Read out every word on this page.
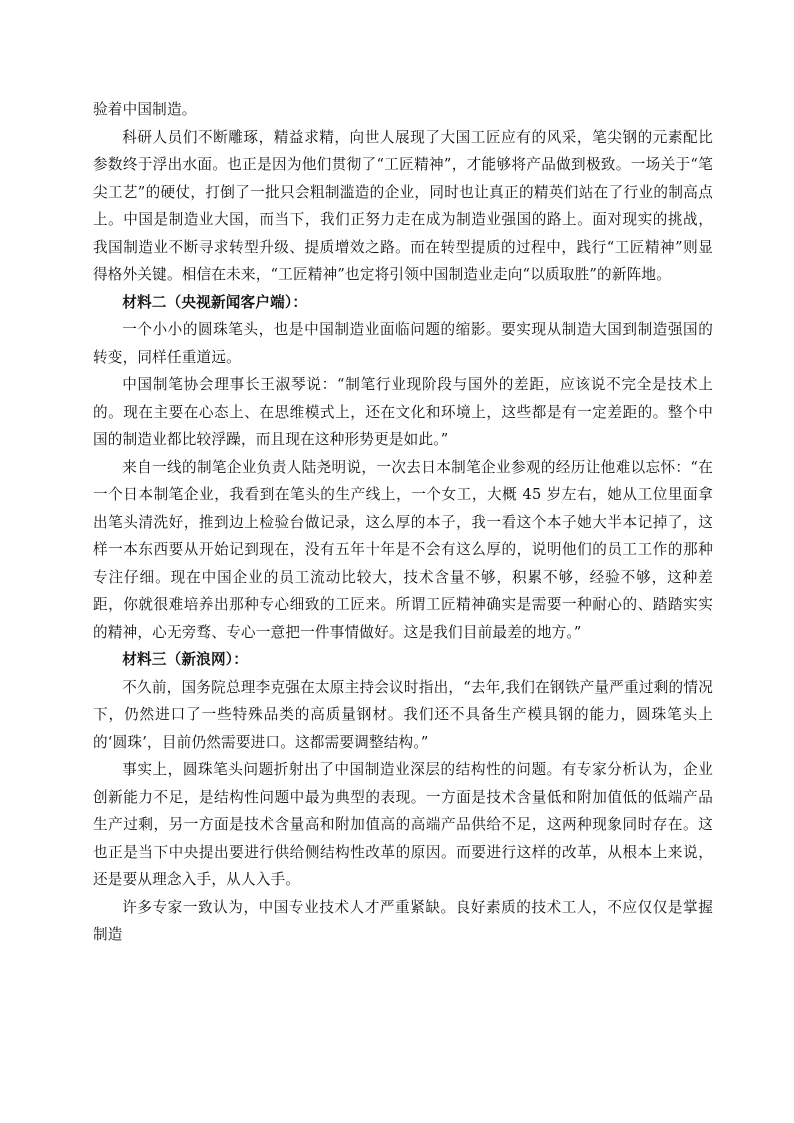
验着中国制造。

科研人员们不断雕琢，精益求精，向世人展现了大国工匠应有的风采，笔尖钢的元素配比参数终于浮出水面。也正是因为他们贯彻了“工匠精神”，才能够将产品做到极致。一场关于“笔尖工艺”的硬仗，打倒了一批只会粗制滥造的企业，同时也让真正的精英们站在了行业的制高点上。中国是制造业大国，而当下，我们正努力走在成为制造业强国的路上。面对现实的挑战，我国制造业不断寻求转型升级、提质增效之路。而在转型提质的过程中，践行“工匠精神”则显得格外关键。相信在未来，“工匠精神”也定将引领中国制造业走向“以质取胜”的新阵地。

材料二（央视新闻客户端）：

一个小小的圆珠笔头，也是中国制造业面临问题的缩影。要实现从制造大国到制造强国的转变，同样任重道远。

中国制笔协会理事长王淑琴说：“制笔行业现阶段与国外的差距，应该说不完全是技术上的。现在主要在心态上、在思维模式上，还在文化和环境上，这些都是有一定差距的。整个中国的制造业都比较浮躁，而且现在这种形势更是如此。”

来自一线的制笔企业负责人陆尧明说，一次去日本制笔企业参观的经历让他难以忘怀：“在一个日本制笔企业，我看到在笔头的生产线上，一个女工，大概 45 岁左右，她从工位里面拿出笔头清洗好，推到边上检验台做记录，这么厚的本子，我一看这个本子她大半本记掉了，这样一本东西要从开始记到现在，没有五年十年是不会有这么厚的，说明他们的员工工作的那种专注仔细。现在中国企业的员工流动比较大，技术含量不够，积累不够，经验不够，这种差距，你就很难培养出那种专心细致的工匠来。所谓工匠精神确实是需要一种耐心的、踏踏实实的精神，心无旁骛、专心一意把一件事情做好。这是我们目前最差的地方。”

材料三（新浪网）：

不久前，国务院总理李克强在太原主持会议时指出，“去年,我们在钢铁产量严重过剩的情况下，仍然进口了一些特殊品类的高质量钢材。我们还不具备生产模具钢的能力，圆珠笔头上的‘圆珠’，目前仍然需要进口。这都需要调整结构。”

事实上，圆珠笔头问题折射出了中国制造业深层的结构性的问题。有专家分析认为，企业创新能力不足，是结构性问题中最为典型的表现。一方面是技术含量低和附加值低的低端产品生产过剩，另一方面是技术含量高和附加值高的高端产品供给不足，这两种现象同时存在。这也正是当下中央提出要进行供给侧结构性改革的原因。而要进行这样的改革，从根本上来说，还是要从理念入手，从人入手。

许多专家一致认为，中国专业技术人才严重紧缺。良好素质的技术工人，不应仅仅是掌握制造
